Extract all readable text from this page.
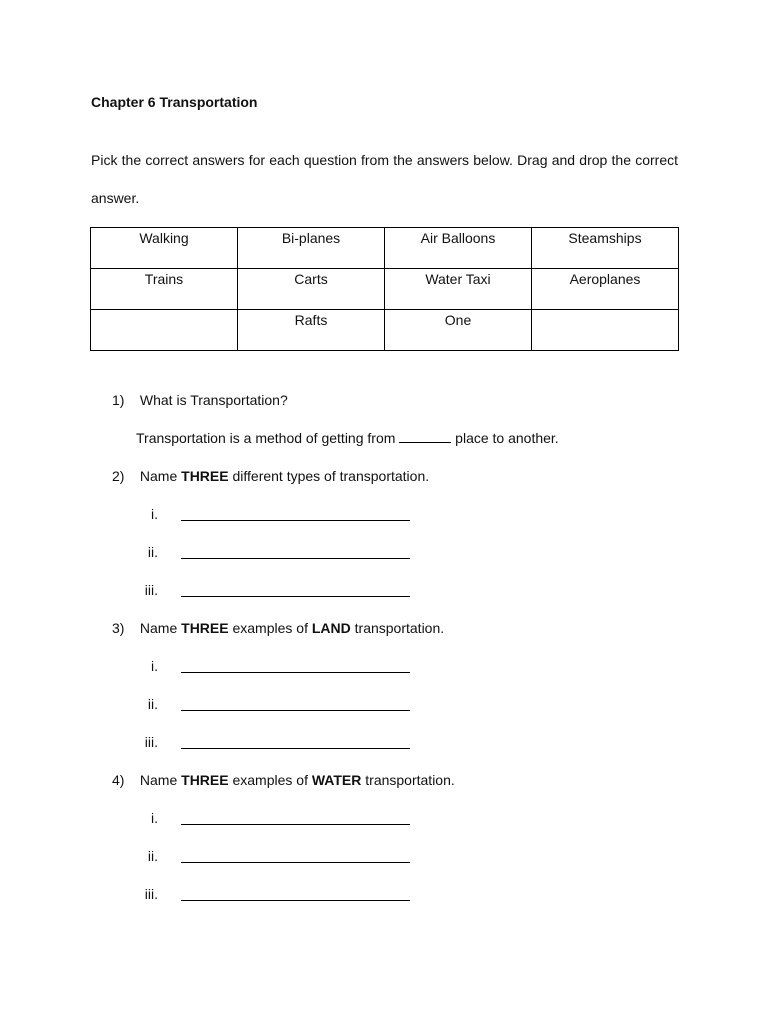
Chapter 6 Transportation
Pick the correct answers for each question from the answers below. Drag and drop the correct answer.
Walking	Bi-planes	Air Balloons	Steamships
Trains	Carts	Water Taxi	Aeroplanes
	Rafts	One	
1) What is Transportation?
Transportation is a method of getting from	place to another.
2) Name THREE different types of transportation.
i.
ii.
iii.
3) Name THREE examples of LAND transportation.
i.
ii.
iii.
4) Name THREE examples of WATER transportation.
i.
ii.
iii.
